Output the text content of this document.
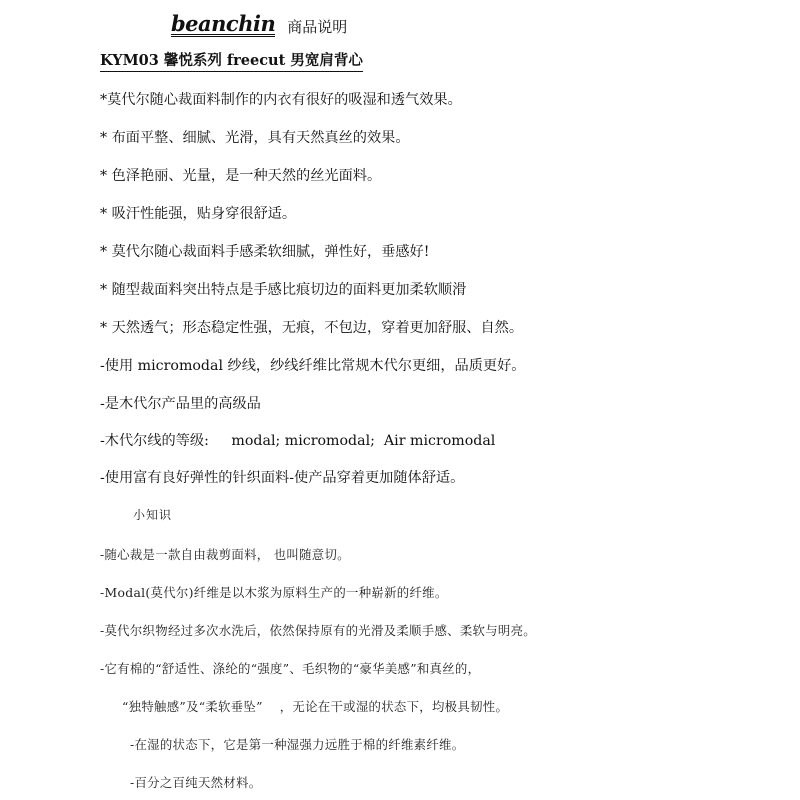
beanchin 商品说明
KYM03 馨悦系列 freecut 男宽肩背心
*莫代尔随心裁面料制作的内衣有很好的吸湿和透气效果。
* 布面平整、细腻、光滑，具有天然真丝的效果。
* 色泽艳丽、光量，是一种天然的丝光面料。
* 吸汗性能强，贴身穿很舒适。
* 莫代尔随心裁面料手感柔软细腻，弹性好，垂感好!
* 随型裁面料突出特点是手感比痕切边的面料更加柔软顺滑
* 天然透气；形态稳定性强，无痕，不包边，穿着更加舒服、自然。
-使用 micromodal 纱线，纱线纤维比常规木代尔更细，品质更好。
-是木代尔产品里的高级品
-木代尔线的等级:     modal; micromodal;  Air micromodal
-使用富有良好弹性的针织面料-使产品穿着更加随体舒适。
小知识
-随心裁是一款自由裁剪面料， 也叫随意切。
-Modal(莫代尔)纤维是以木浆为原料生产的一种崭新的纤维。
-莫代尔织物经过多次水洗后，依然保持原有的光滑及柔顺手感、柔软与明亮。
-它有棉的“舒适性、涤纶的“强度”、毛织物的“豪华美感”和真丝的，
“独特触感”及“柔软垂坠”    ，无论在干或湿的状态下，均极具韧性。
-在湿的状态下，它是第一种湿强力远胜于棉的纤维素纤维。
-百分之百纯天然材料。
